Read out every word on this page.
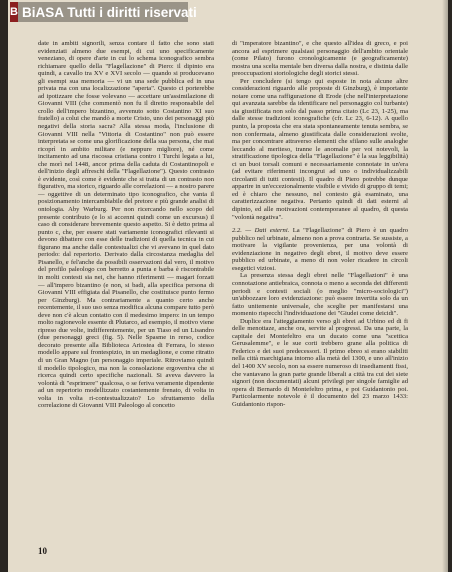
B BiASA Tutti i diritti riservati

date in ambiti signorili, senza contare il fatto che sono stati evidenziati almeno due esempi, di cui uno specificamente veneziano, di opere d'arte in cui lo schema iconografico sembra richiamare quello della "Flagellazione" di Piero: il dipinto era quindi, a cavallo tra XV e XVI secolo — quando si producevano gli esempi sua memoria — vi un una sede pubblica ed in una privata ma con una localizzazione "aperta". Questo ci porterebbe ad ipotizzare che fosse volevano — accettare un'assimilazione di Giovanni VIII (che commentò non fu il diretto responsabile del crollo dell'impero bizantino, avvenuto sotto Costantino XI suo fratello) a colui che mandò a morte Cristo, uno dei personaggi più negativi della storia sacra? Alla stessa moda, l'inclusione di Giovanni VIII nella "Vittoria di Costantino" non può essere interpretata se come una glorificazione della sua persona, che mai ricoprì in ambito militare (e neppure migliore), né come incitamento ad una riscossa cristiana contro i Turchi legata a lui, che morì nel 1448, ancor prima della caduta di Costantinopoli e dell'inizio degli affreschi della "Flagellazione"). Questo contrasto è evidente, così come è evidente che si tratta di un contrasto non figurativo, ma storico, riguardo alle correlazioni — a nostro parere — oggettive di un determinato tipo iconografico, che vanta il posizionamento intercambiabile del pretore e più grande analisi di ontologia. Aby Warburg. Per non ricercando nello scopo del presente contributo (e lo si accenni quindi come un excursus) il caso di considerare brevemente questo aspetto. Si è detto prima al punto c, che, per essere stati variamente iconografici rilevanti si devono dibattere con esse delle tradizioni di quella tecnica in cui figurano ma anche dalle contestualizi che vi avevano in quel dato periodo: dal repertorio. Derivato dalla circostanza medaglia del Pisanello, e fel'anche da possibili osservazioni dal vero, il motivo del profilo paleologo con berretto a punta e barba è riscontrabile in molti contesti sia nei, che hanno riferimenti — magari forzati — all'impero bizantino (e non, si badi, alla specifica persona di Giovanni VIII effigiata dal Pisanello, che costituisce punto fermo per Ginzburg). Ma contrariamente a quanto certo anche recentemente, il suo uso senza modifica alcuna compare tutto però deve non c'è alcun contatto con il medesimo impero: in un tempo molto ragionevole essente di Plutarco, ad esempio, il motivo viene ripreso due volte, indifferentemente, per un Tiaso ed un Lisandro (due personaggi greci (fig. 5). Nelle Spasme in rerso, codice decorato presente alla Biblioteca Ariostea di Ferrara, lo stesso modello appare sul frontespizio, in un medaglione, e come ritratto di un Gran Magno (un personaggio imperiale. Ritroviamo quindi il modello tipologico, ma non la consolazione ergoveniva che si ricerca quindi certo specifiche nazionali. Si aveva davvero la volontà di "esprimere" qualcosa, o se feriva veramente dipendente ad un repertorio modellizzato costantemente frenato, di volta in volta in volta ri-contestualizzato? Lo sfruttamento della correlazione di Giovanni VIII Paleologo al concetto

di "imperatore bizantino", e che questo all'idea di greco, e poi ancora ad esprimere qualsiasi personaggio dell'ambito orientale (come Pilato) furono cronologicamente (e geograficamente) mostra una scelta mentale ben diversa dalla nostra, e distinta dalle preoccupazioni storiologiche degli storici stessi.

Per concludere (si tengo qui esposte in nota alcune altre considerazioni riguardo alle proposte di Ginzburg), è importante notare come una raffigurazione di Erode (che nell'interpretazione qui avanzata sarebbe da identificare nel personaggio col turbante) sia giustificata non solo dal passo prima citato (Lc 23, 1-25), ma dalle stesse tradizioni iconografiche (cfr. Lc 23, 6-12). A quello punto, la proposta che era stata spontaneamente tenuta sembra, se non confermata, almeno giustificata dalle considerazioni svolte, ma per concentrare attraverso elementi che sfilano sulle analoghe leccando al meriteso, tranne le anomalie per voi notevoli, la stratificazione tipologica della "Flagellazione" è la sua leggibilità) ci un buoi torsali comuni e necessariamente connotate in un'era (ad evitare riferimenti incongrui ad uno o individualizzabili circolanti di tutti contesti). Il quadro di Piero potrebbe dunque apparire in un'eccezionalmente visibile e vivido di gruppo di temi; ed è chiaro che nessuno, nel contesto già esaminato, una caratterizzazione negativa. Pertanto quindi di dati esterni al dipinto, ed alle motivazioni contemporanee al quadro, di questa "volontà negativa".

2.2. — Dati esterni. La "Flagellazione" di Piero è un quadro pubblico nel urbinate, almeno non a prova contraria. Se sussiste, a motivare la vigilante provenienza, per una volontà di evidenziazione in negativo degli ebrei, il motivo deve essere pubblico ed urbinate, a meno di non voler ricadere in circoli esegetici viziosi.

La presenza stessa degli ebrei nelle "Flagellazioni" è una connotazione antiebraica, connota o meno a seconda dei differenti periodi e contesti sociali (o meglio "micro-sociologici") un'abbozzare loro evidenziazione: può essere invertita solo da un fatto unitemente universale, che sceglie per manifestarsi una momento rispecchi l'individuazione dei "Giudei come deicidi".

Duplice era l'atteggiamento verso gli ebrei ad Urbino ed di fi delle menottaze, anche ora, servite al progressi. Da una parte, la capitale dei Montefeltro era un ducato come una "scettica Gerusalemme", e le sue corti trebbero grane alla politica di Federico e dei suoi predecessori. Il primo ebreo si erano stabiliti nella città marchigiana intorno alla metà del 1300, e uno all'inizio del 1400 XV secolo, non sa essere numeroso di insediamenti fissi, che vantavano la gran parte grande liberali a città tra cui dei siete signori (non documentati) alcuni privilegi per singole famiglie ad opera di Bernardo di Montefeltro prima, e poi Guidantonio poi. Particolarmente notevole è il documento del 23 marzo 1433: Guidantonio rispon-

10
